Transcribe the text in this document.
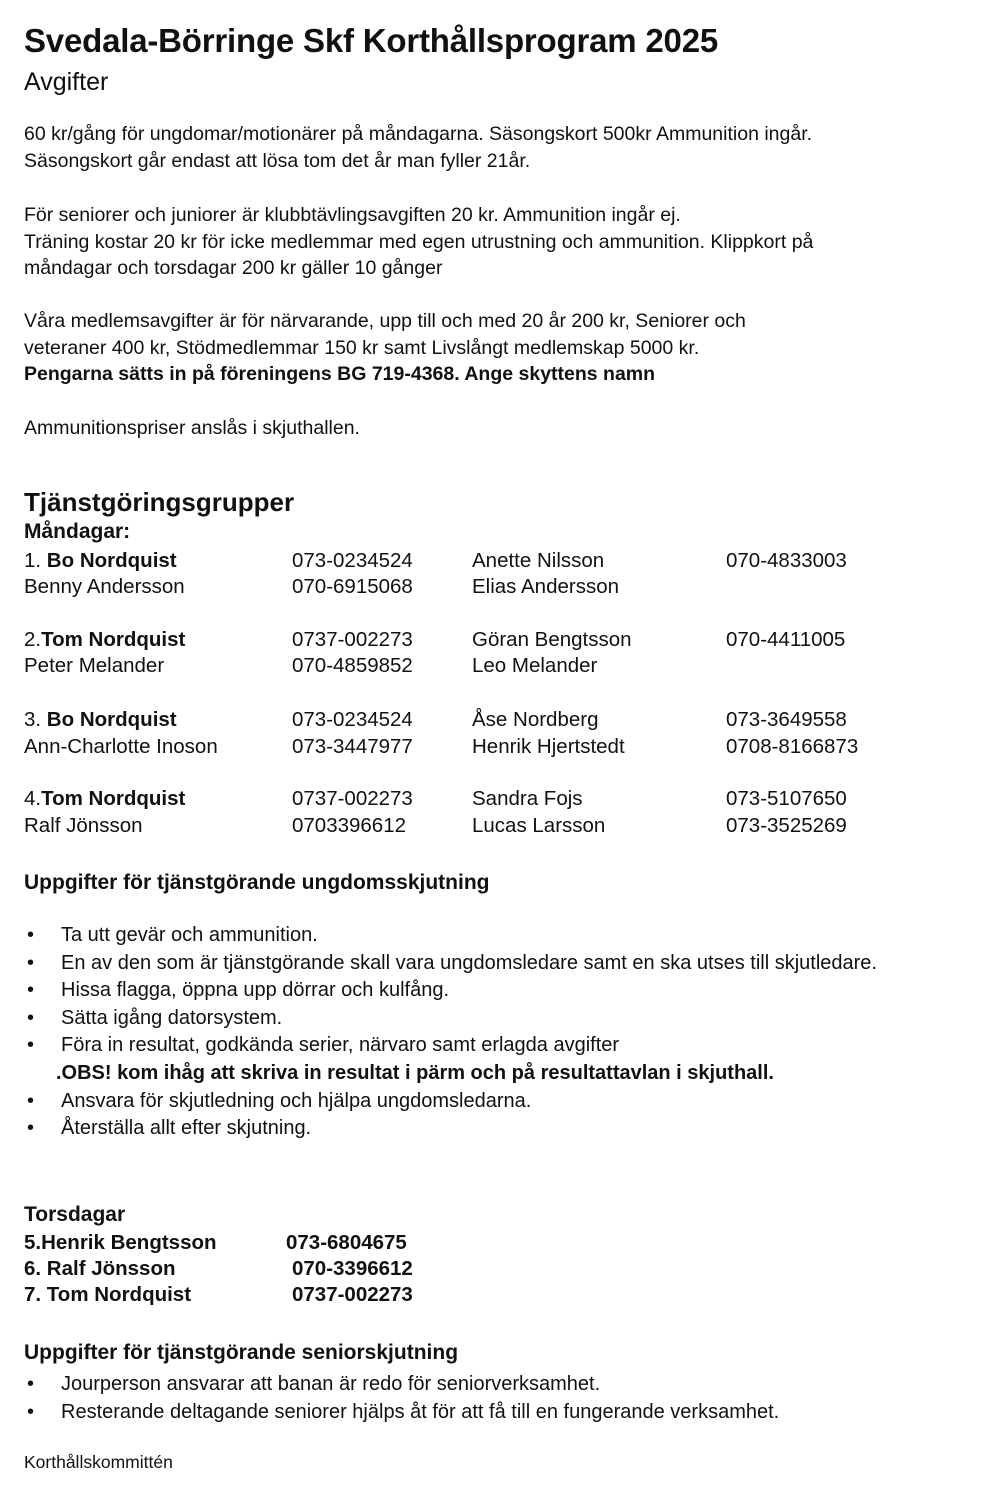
Svedala-Börringe Skf Korthållsprogram 2025
Avgifter
60 kr/gång för ungdomar/motionärer på måndagarna. Säsongskort 500kr Ammunition ingår.
Säsongskort går endast att lösa tom det år man fyller 21år.
För seniorer och juniorer är klubbtävlingsavgiften 20 kr. Ammunition ingår ej.
Träning kostar 20 kr för icke medlemmar med egen utrustning och ammunition. Klippkort på
måndagar och torsdagar 200 kr gäller 10 gånger
Våra medlemsavgifter är för närvarande, upp till och med 20 år 200 kr, Seniorer och
veteraner 400 kr, Stödmedlemmar 150 kr samt Livslångt medlemskap 5000 kr.
Pengarna sätts in på föreningens BG 719-4368. Ange skyttens namn
Ammunitionspriser anslås i skjuthallen.
Tjänstgöringsgrupper
Måndagar:
1. Bo Nordquist	073-0234524	Anette Nilsson	070-4833003
Benny Andersson	070-6915068	Elias Andersson
2.Tom Nordquist	0737-002273	Göran Bengtsson	070-4411005
Peter Melander	070-4859852	Leo Melander
3. Bo Nordquist	073-0234524	Åse Nordberg	073-3649558
Ann-Charlotte Inoson	073-3447977	Henrik Hjertstedt	0708-8166873
4.Tom Nordquist	0737-002273	Sandra Fojs	073-5107650
Ralf Jönsson	0703396612	Lucas Larsson	073-3525269
Uppgifter för tjänstgörande ungdomsskjutning
• Ta utt gevär och ammunition.
• En av den som är tjänstgörande skall vara ungdomsledare samt en ska utses till skjutledare.
• Hissa flagga, öppna upp dörrar och kulfång.
• Sätta igång datorsystem.
• Föra in resultat, godkända serier, närvaro samt erlagda avgifter
.OBS! kom ihåg att skriva in resultat i pärm och på resultattavlan i skjuthall.
• Ansvara för skjutledning och hjälpa ungdomsledarna.
• Återställa allt efter skjutning.
Torsdagar
5.Henrik Bengtsson	073-6804675
6. Ralf Jönsson	070-3396612
7. Tom Nordquist	0737-002273
Uppgifter för tjänstgörande seniorskjutning
• Jourperson ansvarar att banan är redo för seniorverksamhet.
• Resterande deltagande seniorer hjälps åt för att få till en fungerande verksamhet.
Korthållskommittén
